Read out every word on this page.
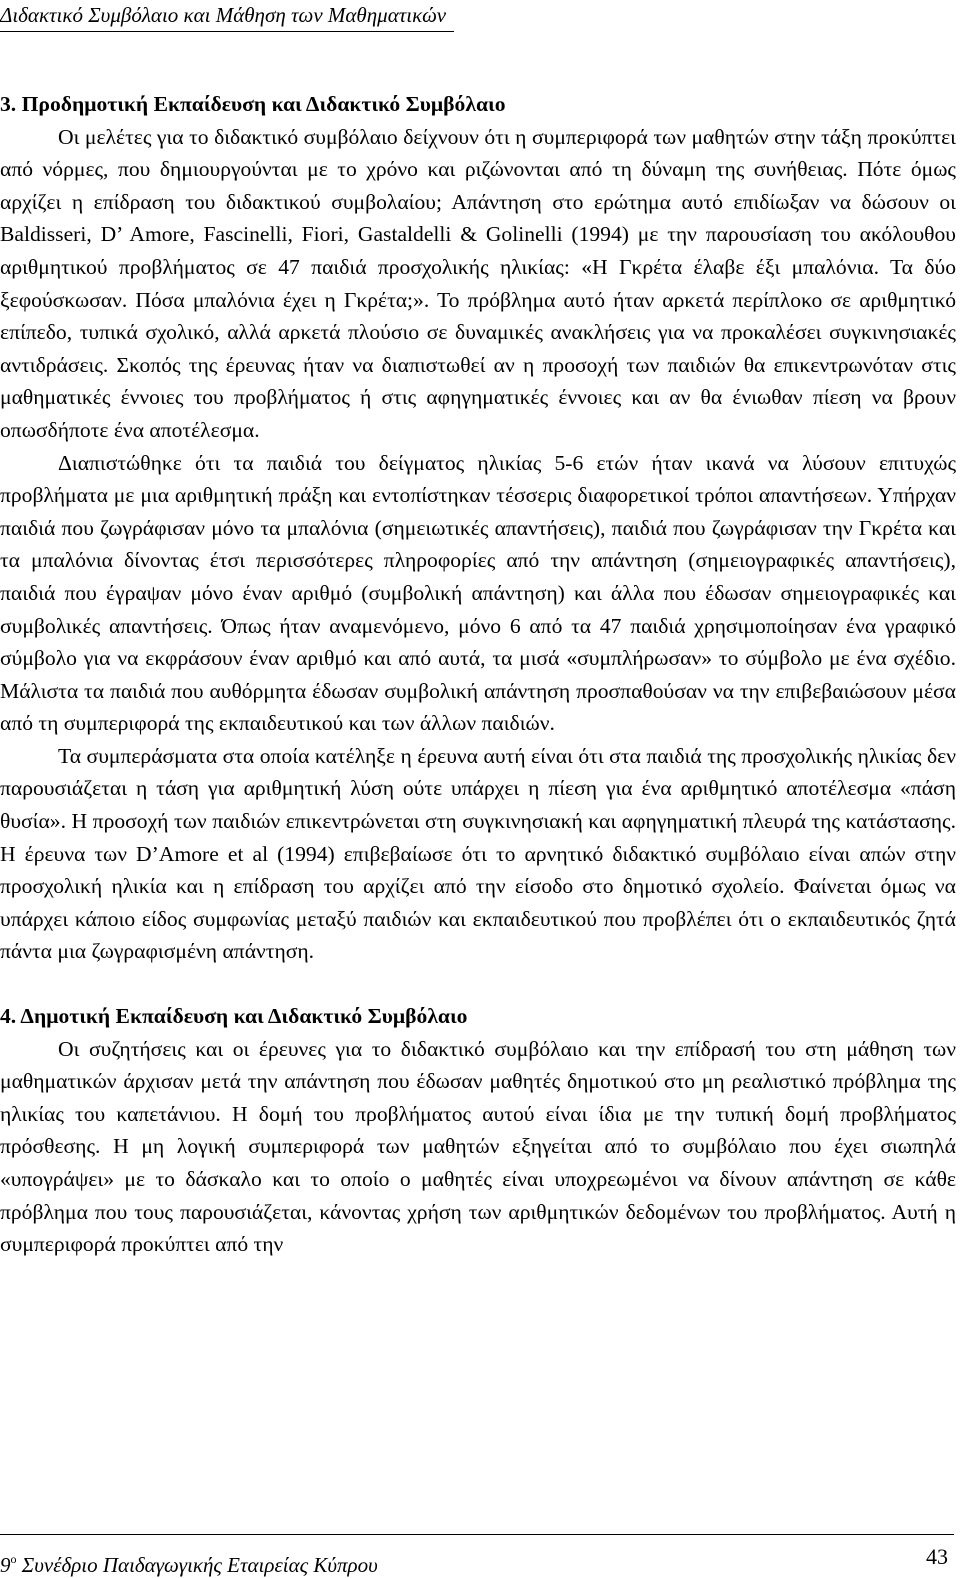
Διδακτικό Συμβόλαιο και Μάθηση των Μαθηματικών
3. Προδημοτική Εκπαίδευση και Διδακτικό Συμβόλαιο

Οι μελέτες για το διδακτικό συμβόλαιο δείχνουν ότι η συμπεριφορά των μαθητών στην τάξη προκύπτει από νόρμες, που δημιουργούνται με το χρόνο και ριζώνονται από τη δύναμη της συνήθειας. Πότε όμως αρχίζει η επίδραση του διδακτικού συμβολαίου; Απάντηση στο ερώτημα αυτό επιδίωξαν να δώσουν οι Baldisseri, D’ Amore, Fascinelli, Fiori, Gastaldelli & Golinelli (1994) με την παρουσίαση του ακόλουθου αριθμητικού προβλήματος σε 47 παιδιά προσχολικής ηλικίας: «Η Γκρέτα έλαβε έξι μπαλόνια. Τα δύο ξεφούσκωσαν. Πόσα μπαλόνια έχει η Γκρέτα;». Το πρόβλημα αυτό ήταν αρκετά περίπλοκο σε αριθμητικό επίπεδο, τυπικά σχολικό, αλλά αρκετά πλούσιο σε δυναμικές ανακλήσεις για να προκαλέσει συγκινησιακές αντιδράσεις. Σκοπός της έρευνας ήταν να διαπιστωθεί αν η προσοχή των παιδιών θα επικεντρωνόταν στις μαθηματικές έννοιες του προβλήματος ή στις αφηγηματικές έννοιες και αν θα ένιωθαν πίεση να βρουν οπωσδήποτε ένα αποτέλεσμα.

Διαπιστώθηκε ότι τα παιδιά του δείγματος ηλικίας 5-6 ετών ήταν ικανά να λύσουν επιτυχώς προβλήματα με μια αριθμητική πράξη και εντοπίστηκαν τέσσερις διαφορετικοί τρόποι απαντήσεων. Υπήρχαν παιδιά που ζωγράφισαν μόνο τα μπαλόνια (σημειωτικές απαντήσεις), παιδιά που ζωγράφισαν την Γκρέτα και τα μπαλόνια δίνοντας έτσι περισσότερες πληροφορίες από την απάντηση (σημειογραφικές απαντήσεις), παιδιά που έγραψαν μόνο έναν αριθμό (συμβολική απάντηση) και άλλα που έδωσαν σημειογραφικές και συμβολικές απαντήσεις. Όπως ήταν αναμενόμενο, μόνο 6 από τα 47 παιδιά χρησιμοποίησαν ένα γραφικό σύμβολο για να εκφράσουν έναν αριθμό και από αυτά, τα μισά «συμπλήρωσαν» το σύμβολο με ένα σχέδιο. Μάλιστα τα παιδιά που αυθόρμητα έδωσαν συμβολική απάντηση προσπαθούσαν να την επιβεβαιώσουν μέσα από τη συμπεριφορά της εκπαιδευτικού και των άλλων παιδιών.

Τα συμπεράσματα στα οποία κατέληξε η έρευνα αυτή είναι ότι στα παιδιά της προσχολικής ηλικίας δεν παρουσιάζεται η τάση για αριθμητική λύση ούτε υπάρχει η πίεση για ένα αριθμητικό αποτέλεσμα «πάση θυσία». Η προσοχή των παιδιών επικεντρώνεται στη συγκινησιακή και αφηγηματική πλευρά της κατάστασης. Η έρευνα των D’Amore et al (1994) επιβεβαίωσε ότι το αρνητικό διδακτικό συμβόλαιο είναι απών στην προσχολική ηλικία και η επίδραση του αρχίζει από την είσοδο στο δημοτικό σχολείο. Φαίνεται όμως να υπάρχει κάποιο είδος συμφωνίας μεταξύ παιδιών και εκπαιδευτικού που προβλέπει ότι ο εκπαιδευτικός ζητά πάντα μια ζωγραφισμένη απάντηση.

4. Δημοτική Εκπαίδευση και Διδακτικό Συμβόλαιο

Οι συζητήσεις και οι έρευνες για το διδακτικό συμβόλαιο και την επίδρασή του στη μάθηση των μαθηματικών άρχισαν μετά την απάντηση που έδωσαν μαθητές δημοτικού στο μη ρεαλιστικό πρόβλημα της ηλικίας του καπετάνιου. Η δομή του προβλήματος αυτού είναι ίδια με την τυπική δομή προβλήματος πρόσθεσης. Η μη λογική συμπεριφορά των μαθητών εξηγείται από το συμβόλαιο που έχει σιωπηλά «υπογράψει» με το δάσκαλο και το οποίο ο μαθητές είναι υποχρεωμένοι να δίνουν απάντηση σε κάθε πρόβλημα που τους παρουσιάζεται, κάνοντας χρήση των αριθμητικών δεδομένων του προβλήματος. Αυτή η συμπεριφορά προκύπτει από την

$9^o$ Συνέδριο Παιδαγωγικής Εταιρείας Κύπρου	43
